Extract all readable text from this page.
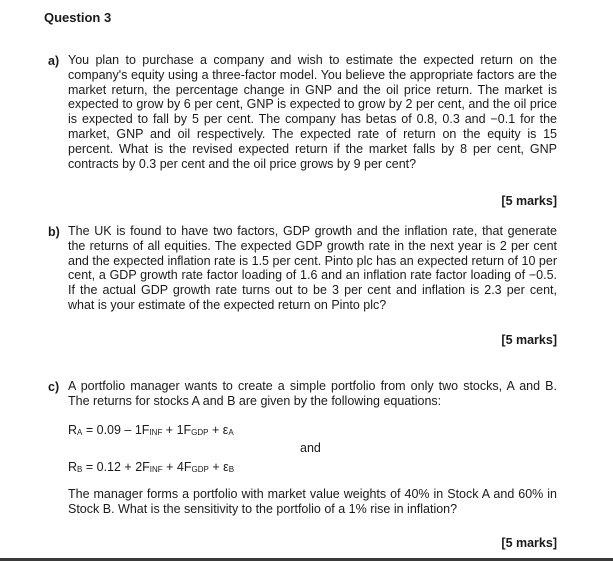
Question 3
a) You plan to purchase a company and wish to estimate the expected return on the company's equity using a three-factor model. You believe the appropriate factors are the market return, the percentage change in GNP and the oil price return. The market is expected to grow by 6 per cent, GNP is expected to grow by 2 per cent, and the oil price is expected to fall by 5 per cent. The company has betas of 0.8, 0.3 and −0.1 for the market, GNP and oil respectively. The expected rate of return on the equity is 15 percent. What is the revised expected return if the market falls by 8 per cent, GNP contracts by 0.3 per cent and the oil price grows by 9 per cent?
[5 marks]
b) The UK is found to have two factors, GDP growth and the inflation rate, that generate the returns of all equities. The expected GDP growth rate in the next year is 2 per cent and the expected inflation rate is 1.5 per cent. Pinto plc has an expected return of 10 per cent, a GDP growth rate factor loading of 1.6 and an inflation rate factor loading of −0.5. If the actual GDP growth rate turns out to be 3 per cent and inflation is 2.3 per cent, what is your estimate of the expected return on Pinto plc?
[5 marks]
c) A portfolio manager wants to create a simple portfolio from only two stocks, A and B. The returns for stocks A and B are given by the following equations:
RA = 0.09 – 1FINF + 1FGDP + εA
and
RB = 0.12 + 2FINF + 4FGDP + εB
The manager forms a portfolio with market value weights of 40% in Stock A and 60% in Stock B. What is the sensitivity to the portfolio of a 1% rise in inflation?
[5 marks]
